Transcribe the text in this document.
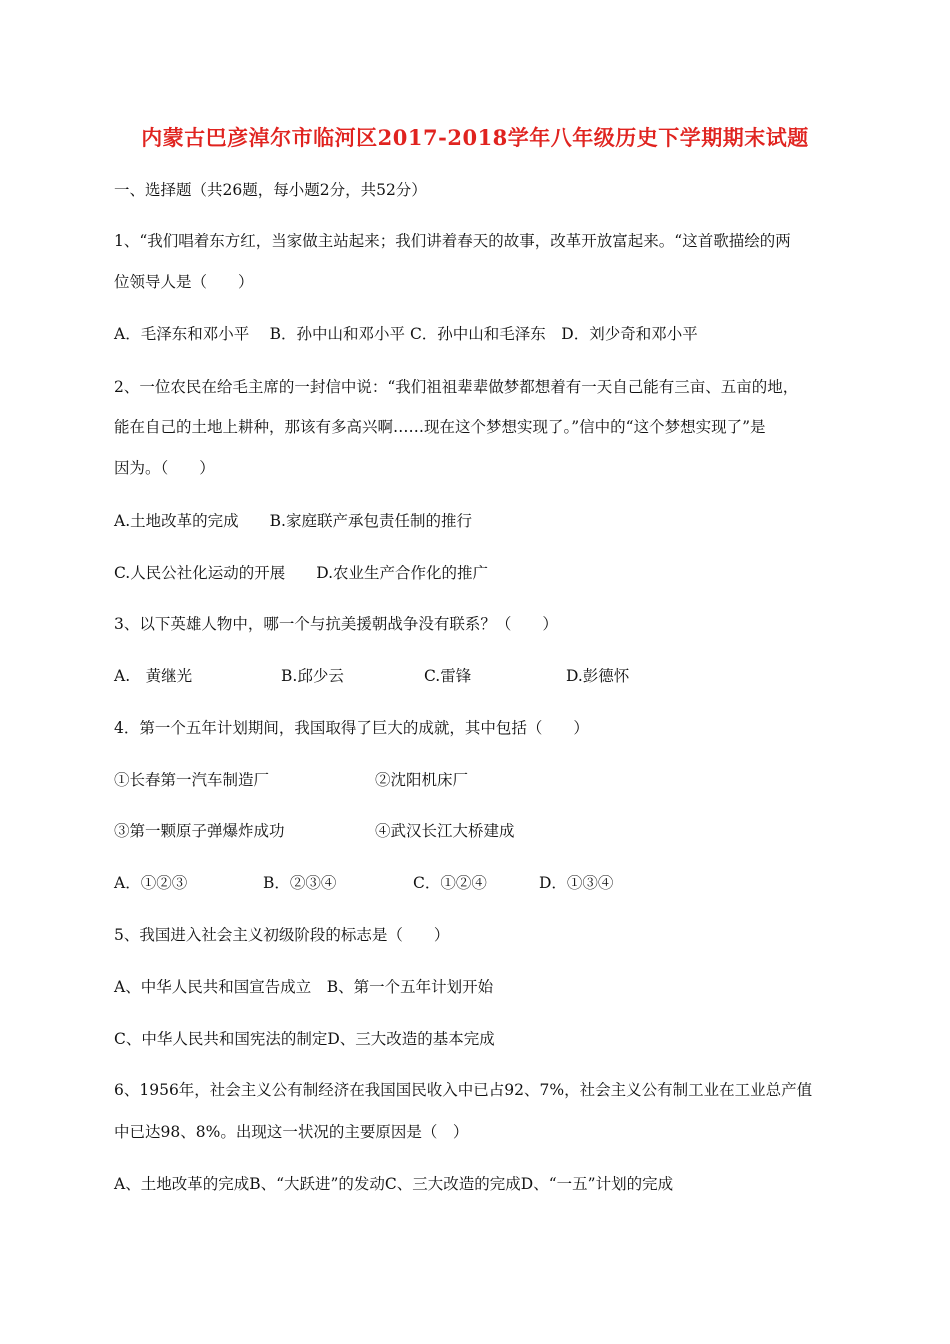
内蒙古巴彦淖尔市临河区2017-2018学年八年级历史下学期期末试题
一、选择题（共26题，每小题2分，共52分）
1、“我们唱着东方红，当家做主站起来；我们讲着春天的故事，改革开放富起来。“这首歌描绘的两
位领导人是（　　）
A．毛泽东和邓小平　 B．孙中山和邓小平 C．孙中山和毛泽东　D．刘少奇和邓小平
2、一位农民在给毛主席的一封信中说：“我们祖祖辈辈做梦都想着有一天自己能有三亩、五亩的地，
能在自己的土地上耕种，那该有多高兴啊……现在这个梦想实现了。”信中的“这个梦想实现了”是
因为。（　　）
A.土地改革的完成　　B.家庭联产承包责任制的推行
C.人民公社化运动的开展　　D.农业生产合作化的推广
3、以下英雄人物中，哪一个与抗美援朝战争没有联系？（　　）
A.　黄继光	B.邱少云	C.雷锋	D.彭德怀
4．第一个五年计划期间，我国取得了巨大的成就，其中包括（　　）
①长春第一汽车制造厂	②沈阳机床厂
③第一颗原子弹爆炸成功	④武汉长江大桥建成
A．①②③	B．②③④	C．①②④	D．①③④
5、我国进入社会主义初级阶段的标志是（　　）
A、中华人民共和国宣告成立　B、第一个五年计划开始
C、中华人民共和国宪法的制定D、三大改造的基本完成
6、1956年，社会主义公有制经济在我国国民收入中已占92、7%，社会主义公有制工业在工业总产值
中已达98、8%。出现这一状况的主要原因是（　）
A、土地改革的完成B、“大跃进”的发动C、三大改造的完成D、“一五”计划的完成
